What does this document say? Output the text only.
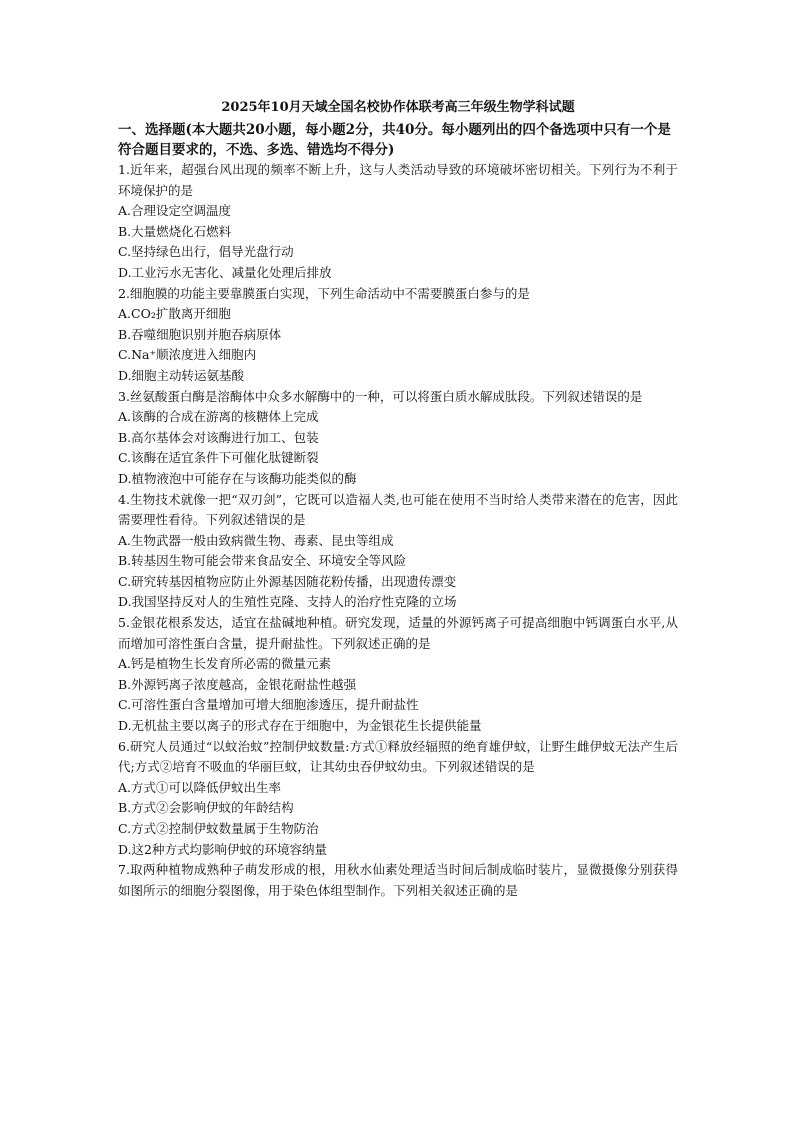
2025年10月天域全国名校协作体联考高三年级生物学科试题

一、选择题(本大题共20小题，每小题2分，共40分。每小题列出的四个备选项中只有一个是符合题目要求的，不选、多选、错选均不得分)

1.近年来，超强台风出现的频率不断上升，这与人类活动导致的环境破坏密切相关。下列行为不利于环境保护的是

A.合理设定空调温度

B.大量燃烧化石燃料

C.坚持绿色出行，倡导光盘行动

D.工业污水无害化、减量化处理后排放

2.细胞膜的功能主要靠膜蛋白实现，下列生命活动中不需要膜蛋白参与的是

A.CO₂扩散离开细胞

B.吞噬细胞识别并胞吞病原体

C.Na⁺顺浓度进入细胞内

D.细胞主动转运氨基酸

3.丝氨酸蛋白酶是溶酶体中众多水解酶中的一种，可以将蛋白质水解成肽段。下列叙述错误的是

A.该酶的合成在游离的核糖体上完成

B.高尔基体会对该酶进行加工、包装

C.该酶在适宜条件下可催化肽键断裂

D.植物液泡中可能存在与该酶功能类似的酶

4.生物技术就像一把“双刃剑”，它既可以造福人类,也可能在使用不当时给人类带来潜在的危害，因此需要理性看待。下列叙述错误的是

A.生物武器一般由致病微生物、毒素、昆虫等组成

B.转基因生物可能会带来食品安全、环境安全等风险

C.研究转基因植物应防止外源基因随花粉传播，出现遗传漂变

D.我国坚持反对人的生殖性克隆、支持人的治疗性克隆的立场

5.金银花根系发达，适宜在盐碱地种植。研究发现，适量的外源钙离子可提高细胞中钙调蛋白水平,从而增加可溶性蛋白含量，提升耐盐性。下列叙述正确的是

A.钙是植物生长发育所必需的微量元素

B.外源钙离子浓度越高，金银花耐盐性越强

C.可溶性蛋白含量增加可增大细胞渗透压，提升耐盐性

D.无机盐主要以离子的形式存在于细胞中，为金银花生长提供能量

6.研究人员通过“以蚊治蚊”控制伊蚊数量:方式①释放经辐照的绝育雄伊蚊，让野生雌伊蚊无法产生后代;方式②培育不吸血的华丽巨蚊，让其幼虫吞伊蚊幼虫。下列叙述错误的是

A.方式①可以降低伊蚊出生率

B.方式②会影响伊蚊的年龄结构

C.方式②控制伊蚊数量属于生物防治

D.这2种方式均影响伊蚊的环境容纳量

7.取两种植物成熟种子萌发形成的根，用秋水仙素处理适当时间后制成临时装片，显微摄像分别获得如图所示的细胞分裂图像，用于染色体组型制作。下列相关叙述正确的是
